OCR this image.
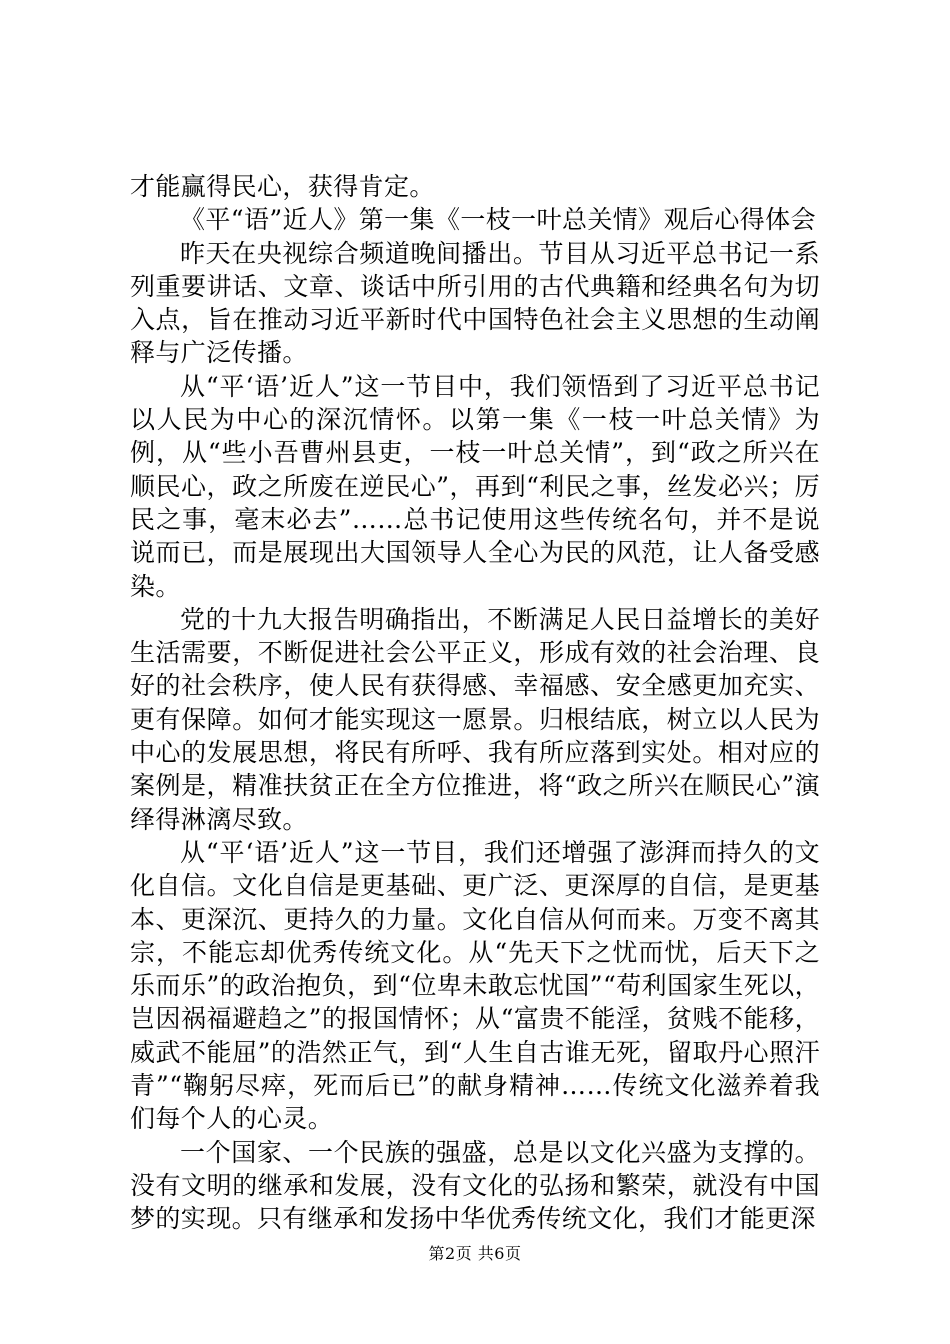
才能赢得民心，获得肯定。

《平“语”近人》第一集《一枝一叶总关情》观后心得体会

昨天在央视综合频道晚间播出。节目从习近平总书记一系列重要讲话、文章、谈话中所引用的古代典籍和经典名句为切入点，旨在推动习近平新时代中国特色社会主义思想的生动阐释与广泛传播。

从“平‘语’近人”这一节目中，我们领悟到了习近平总书记以人民为中心的深沉情怀。以第一集《一枝一叶总关情》为例，从“些小吾曹州县吏，一枝一叶总关情”，到“政之所兴在顺民心，政之所废在逆民心”，再到“利民之事，丝发必兴；厉民之事，毫末必去”……总书记使用这些传统名句，并不是说说而已，而是展现出大国领导人全心为民的风范，让人备受感染。

党的十九大报告明确指出，不断满足人民日益增长的美好生活需要，不断促进社会公平正义，形成有效的社会治理、良好的社会秩序，使人民有获得感、幸福感、安全感更加充实、更有保障。如何才能实现这一愿景。归根结底，树立以人民为中心的发展思想，将民有所呼、我有所应落到实处。相对应的案例是，精准扶贫正在全方位推进，将“政之所兴在顺民心”演绎得淋漓尽致。

从“平‘语’近人”这一节目，我们还增强了澎湃而持久的文化自信。文化自信是更基础、更广泛、更深厚的自信，是更基本、更深沉、更持久的力量。文化自信从何而来。万变不离其宗，不能忘却优秀传统文化。从“先天下之忧而忧，后天下之乐而乐”的政治抱负，到“位卑未敢忘忧国”“苟利国家生死以，岂因祸福避趋之”的报国情怀；从“富贵不能淫，贫贱不能移，威武不能屈”的浩然正气，到“人生自古谁无死，留取丹心照汗青”“鞠躬尽瘁，死而后已”的献身精神……传统文化滋养着我们每个人的心灵。

一个国家、一个民族的强盛，总是以文化兴盛为支撑的。没有文明的继承和发展，没有文化的弘扬和繁荣，就没有中国梦的实现。只有继承和发扬中华优秀传统文化，我们才能更深

第2页 共6页
